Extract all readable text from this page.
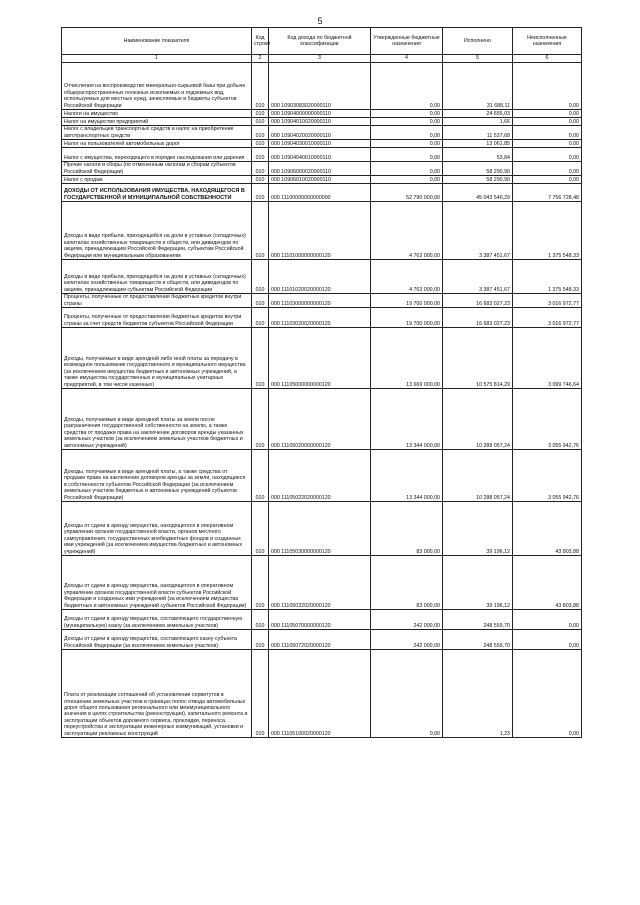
5
Наименование показателя	Код строки	Код дохода по бюджетной классификации	Утвержденные бюджетные назначения	Исполнено	Неисполненные назначения
1	2	3	4	5	6
Отчисления на воспроизводство минерально-сырьевой базы при добыче общераспространенных полезных ископаемых и подземных вод, используемых для местных нужд, зачисляемые в бюджеты субъектов Российской Федерации	010	000 10903083020000110	0,00	31 688,11	0,00
Налоги на имущество	010	000 10904000000000110	0,00	24 655,03	0,00
Налог на имущество предприятий	010	000 10904010020000110	0,00	1,66	0,00
Налог с владельцев транспортных средств и налог на приобретение автотранспортных средств	010	000 10904020020000110	0,00	11 537,68	0,00
Налог на пользователей автомобильных дорог	010	000 10904030010000110	0,00	13 061,85	0,00
Налог с имущества, переходящего в порядке наследования или дарения	010	000 10904040010000110	0,00	53,84	0,00
Прочие налоги и сборы (по отмененным налогам и сборам субъектов Российской Федерации)	010	000 10906000020000110	0,00	58 290,90	0,00
Налог с продаж	010	000 10906010020000110	0,00	58 290,90	0,00
ДОХОДЫ ОТ ИСПОЛЬЗОВАНИЯ ИМУЩЕСТВА, НАХОДЯЩЕГОСЯ В ГОСУДАРСТВЕННОЙ И МУНИЦИПАЛЬНОЙ СОБСТВЕННОСТИ	010	000 11100000000000000	52 790 000,00	45 043 546,29	7 756 728,48
Доходы в виде прибыли, приходящейся на доли в уставных (складочных) капиталах хозяйственных товариществ и обществ, или дивидендов по акциям, принадлежащим Российской Федерации, субъектам Российской Федерации или муниципальным образованиям	010	000 11101000000000120	4 763 000,00	3 387 451,67	1 375 548,33
Доходы в виде прибыли, приходящейся на доли в уставных (складочных) капиталах хозяйственных товариществ и обществ, или дивидендов по акциям, принадлежащим субъектам Российской Федерации	010	000 11101020020000120	4 763 000,00	3 387 451,67	1 375 548,33
Проценты, полученные от предоставления бюджетных кредитов внутри страны	010	000 11103000000000120	19 700 000,00	16 683 027,23	3 016 972,77
Проценты, полученные от предоставления бюджетных кредитов внутри страны за счет средств бюджетов субъектов Российской Федерации	010	000 11103020020000120	19 700 000,00	16 683 027,23	3 016 972,77
Доходы, получаемые в виде арендной либо иной платы за передачу в возмездное пользование государственного и муниципального имущества (за исключением имущества бюджетных и автономных учреждений, а также имущества государственных и муниципальных унитарных предприятий, в том числе казенных)	010	000 11105000000000120	13 669 000,00	10 575 814,29	3 099 746,64
Доходы, получаемые в виде арендной платы за земли после разграничения государственной собственности на землю, а также средства от продажи права на заключение договоров аренды указанных земельных участков (за исключением земельных участков бюджетных и автономных учреждений)	010	000 11105020000000120	13 344 000,00	10 288 057,24	3 055 942,76
Доходы, получаемые в виде арендной платы, а также средства от продажи права на заключение договоров аренды за земли, находящиеся в собственности субъектов Российской Федерации (за исключением земельных участков бюджетных и автономных учреждений субъектов Российской Федерации)	010	000 11105022020000120	13 344 000,00	10 288 057,24	3 055 942,76
Доходы от сдачи в аренду имущества, находящегося в оперативном управлении органов государственной власти, органов местного самоуправления, государственных внебюджетных фондов и созданных ими учреждений (за исключением имущества бюджетных и автономных учреждений)	010	000 11105030000000120	83 000,00	39 196,12	43 803,88
Доходы от сдачи в аренду имущества, находящегося в оперативном управлении органов государственной власти субъектов Российской Федерации и созданных ими учреждений (за исключением имущества бюджетных и автономных учреждений субъектов Российской Федерации)	010	000 11105032020000120	83 000,00	39 196,12	43 803,88
Доходы от сдачи в аренду имущества, составляющего государственную (муниципальную) казну (за исключением земельных участков)	010	000 11105070000000120	242 000,00	248 559,70	0,00
Доходы от сдачи в аренду имущества, составляющего казну субъекта Российской Федерации (за исключением земельных участков)	010	000 11105072020000120	242 000,00	248 559,70	0,00
Плата от реализации соглашений об установлении сервитутов в отношении земельных участков в границах полос отвода автомобильных дорог общего пользования регионального или межмуниципального значения в целях строительства (реконструкции), капитального ремонта и эксплуатации объектов дорожного сервиса, прокладки, переноса, переустройства и эксплуатации инженерных коммуникаций, установки и эксплуатации рекламных конструкций	010	000 11105100020000120	0,00	1,23	0,00
